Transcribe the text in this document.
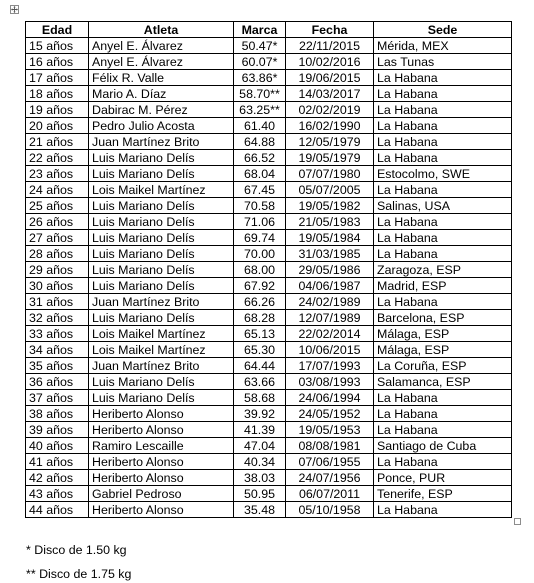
Edad	Atleta	Marca	Fecha	Sede
15 años	Anyel E. Álvarez	50.47*	22/11/2015	Mérida, MEX
16 años	Anyel E. Álvarez	60.07*	10/02/2016	Las Tunas
17 años	Félix R. Valle	63.86*	19/06/2015	La Habana
18 años	Mario A. Díaz	58.70**	14/03/2017	La Habana
19 años	Dabirac M. Pérez	63.25**	02/02/2019	La Habana
20 años	Pedro Julio Acosta	61.40	16/02/1990	La Habana
21 años	Juan Martínez Brito	64.88	12/05/1979	La Habana
22 años	Luis Mariano Delís	66.52	19/05/1979	La Habana
23 años	Luis Mariano Delís	68.04	07/07/1980	Estocolmo, SWE
24 años	Lois Maikel Martínez	67.45	05/07/2005	La Habana
25 años	Luis Mariano Delís	70.58	19/05/1982	Salinas, USA
26 años	Luis Mariano Delís	71.06	21/05/1983	La Habana
27 años	Luis Mariano Delís	69.74	19/05/1984	La Habana
28 años	Luis Mariano Delís	70.00	31/03/1985	La Habana
29 años	Luis Mariano Delís	68.00	29/05/1986	Zaragoza, ESP
30 años	Luis Mariano Delís	67.92	04/06/1987	Madrid, ESP
31 años	Juan Martínez Brito	66.26	24/02/1989	La Habana
32 años	Luis Mariano Delís	68.28	12/07/1989	Barcelona, ESP
33 años	Lois Maikel Martínez	65.13	22/02/2014	Málaga, ESP
34 años	Lois Maikel Martínez	65.30	10/06/2015	Málaga, ESP
35 años	Juan Martínez Brito	64.44	17/07/1993	La Coruña, ESP
36 años	Luis Mariano Delís	63.66	03/08/1993	Salamanca, ESP
37 años	Luis Mariano Delís	58.68	24/06/1994	La Habana
38 años	Heriberto Alonso	39.92	24/05/1952	La Habana
39 años	Heriberto Alonso	41.39	19/05/1953	La Habana
40 años	Ramiro Lescaille	47.04	08/08/1981	Santiago de Cuba
41 años	Heriberto Alonso	40.34	07/06/1955	La Habana
42 años	Heriberto Alonso	38.03	24/07/1956	Ponce, PUR
43 años	Gabriel Pedroso	50.95	06/07/2011	Tenerife, ESP
44 años	Heriberto Alonso	35.48	05/10/1958	La Habana
* Disco de 1.50 kg
** Disco de 1.75 kg
